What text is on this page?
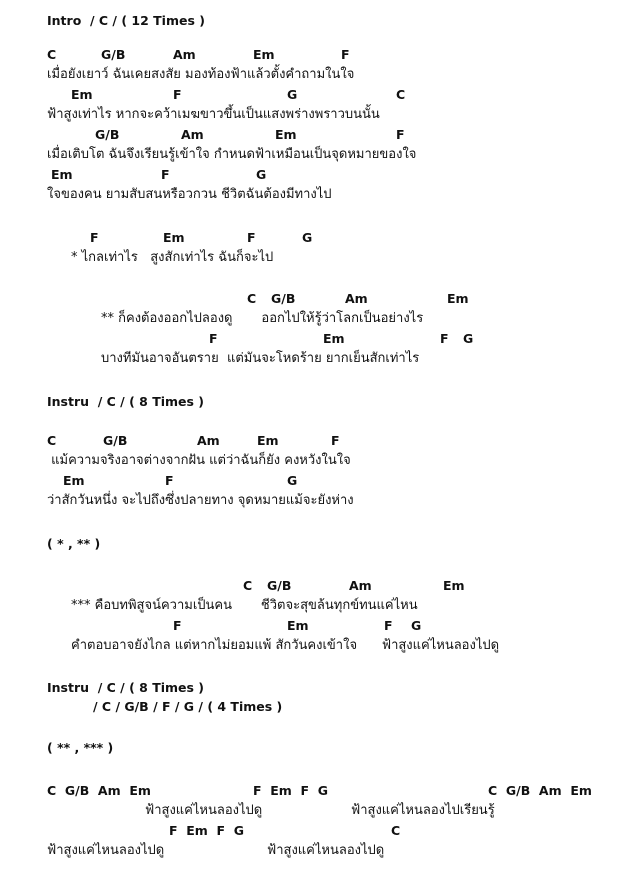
Intro  / C / ( 12 Times )
C	G/B	Am	Em	F
เมื่อยังเยาว์ ฉันเคยสงสัย มองท้องฟ้าแล้วตั้งคำถามในใจ
Em	F	G	C
ฟ้าสูงเท่าไร หากจะคว้าเมฆขาวขึ้นเป็นแสงพร่างพราวบนนั้น
G/B	Am	Em	F
เมื่อเติบโต ฉันจึงเรียนรู้เข้าใจ กำหนดฟ้าเหมือนเป็นจุดหมายของใจ
Em	F	G
ใจของคน ยามสับสนหรือวกวน ชีวิตฉันต้องมีทางไป
F	Em	F	G
* ไกลเท่าไร   สูงสักเท่าไร ฉันก็จะไป
C G/B	Am	Em
** ก็คงต้องออกไปลองดู       ออกไปให้รู้ว่าโลกเป็นอย่างไร
F	Em	F G
บางทีมันอาจอันตราย  แต่มันจะโหดร้าย ยากเย็นสักเท่าไร
Instru  / C / ( 8 Times )
C	G/B	Am	Em	F
แม้ความจริงอาจต่างจากฝัน แต่ว่าฉันก็ยัง คงหวังในใจ
Em	F	G
ว่าสักวันหนึ่ง จะไปถึงซึ่งปลายทาง จุดหมายแม้จะยังห่าง
( * , ** )
C G/B	Am	Em
*** คือบทพิสูจน์ความเป็นคน       ชีวิตจะสุขล้นทุกข์ทนแค่ไหน
F	Em	F G
คำตอบอาจยังไกล แต่หากไม่ยอมแพ้ สักวันคงเข้าใจ      ฟ้าสูงแค่ไหนลองไปดู
Instru  / C / ( 8 Times )
/ C / G/B / F / G / ( 4 Times )
( ** , *** )
C  G/B  Am  Em	F  Em  F  G	C  G/B  Am  Em
ฟ้าสูงแค่ไหนลองไปดู	ฟ้าสูงแค่ไหนลองไปเรียนรู้
F  Em  F  G	C
ฟ้าสูงแค่ไหนลองไปดู	ฟ้าสูงแค่ไหนลองไปดู
